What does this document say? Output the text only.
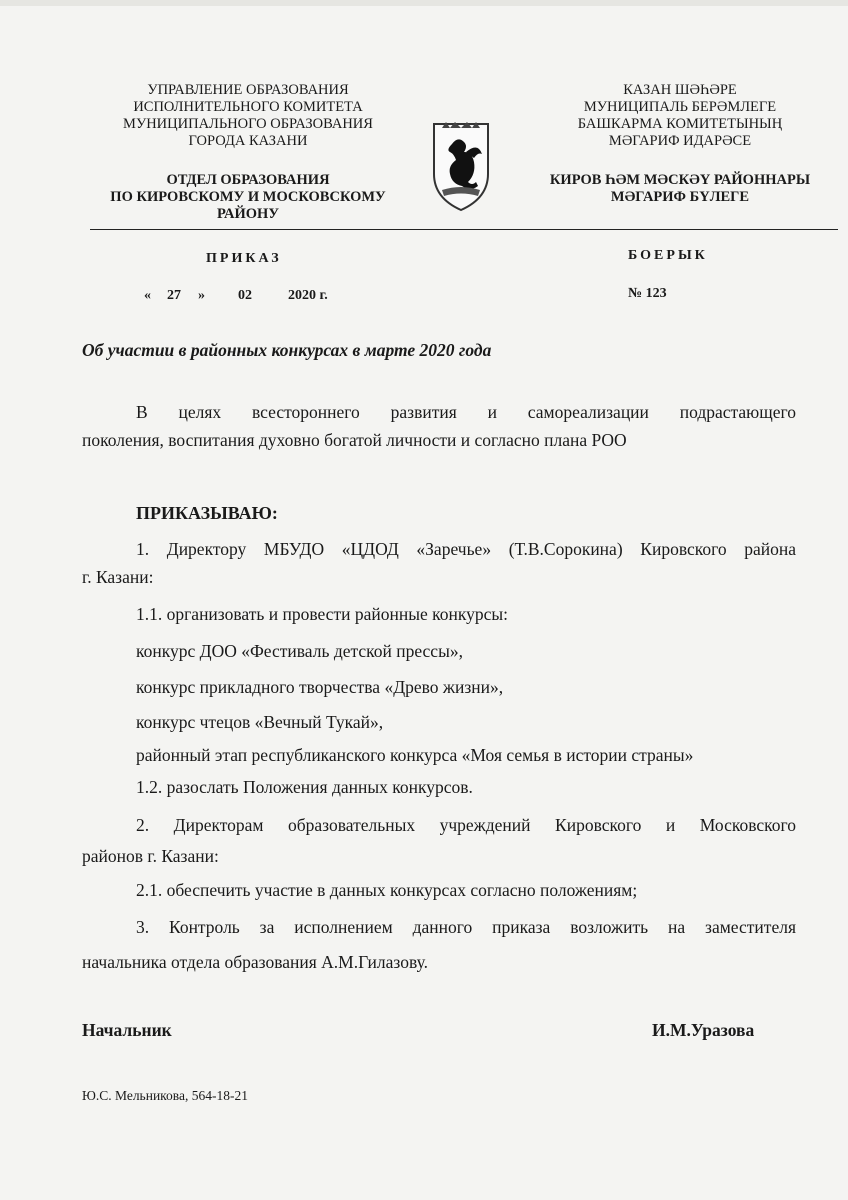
УПРАВЛЕНИЕ ОБРАЗОВАНИЯ
ИСПОЛНИТЕЛЬНОГО КОМИТЕТА
МУНИЦИПАЛЬНОГО ОБРАЗОВАНИЯ
ГОРОДА КАЗАНИ
ОТДЕЛ ОБРАЗОВАНИЯ
ПО КИРОВСКОМУ И МОСКОВСКОМУ
РАЙОНУ
КАЗАН ШӘҺӘРЕ
МУНИЦИПАЛЬ БЕРӘМЛЕГЕ
БАШКАРМА КОМИТЕТЫНЫҢ
МӘГАРИФ ИДАРӘСЕ
КИРОВ ҺӘМ МӘСКӘҮ РАЙОННАРЫ
МӘГАРИФ БҮЛЕГЕ
ПРИКАЗ	БОЕРЫК
« 27 » 02	2020 г.	№ 123
Об участии в районных конкурсах в марте 2020 года
В целях всестороннего развития и самореализации подрастающего
поколения, воспитания духовно богатой личности и согласно плана РОО
ПРИКАЗЫВАЮ:
1. Директору МБУДО «ЦДОД «Заречье» (Т.В.Сорокина) Кировского района
г. Казани:
1.1. организовать и провести районные конкурсы:
конкурс ДОО «Фестиваль детской прессы»,
конкурс прикладного творчества «Древо жизни»,
конкурс чтецов «Вечный Тукай»,
районный этап республиканского конкурса «Моя семья в истории страны»
1.2. разослать Положения данных конкурсов.
2. Директорам образовательных учреждений Кировского и Московского
районов г. Казани:
2.1. обеспечить участие в данных конкурсах согласно положениям;
3. Контроль за исполнением данного приказа возложить на заместителя
начальника отдела образования А.М.Гилазову.
Начальник	И.М.Уразова
Ю.С. Мельникова, 564-18-21
